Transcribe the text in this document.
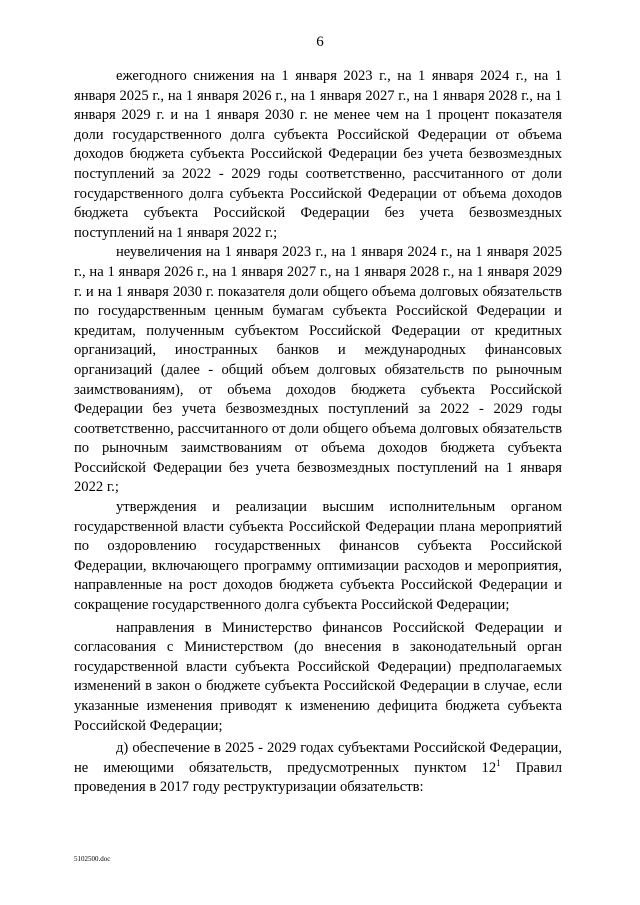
6

ежегодного снижения на 1 января 2023 г., на 1 января 2024 г., на 1 января 2025 г., на 1 января 2026 г., на 1 января 2027 г., на 1 января 2028 г., на 1 января 2029 г. и на 1 января 2030 г. не менее чем на 1 процент показателя доли государственного долга субъекта Российской Федерации от объема доходов бюджета субъекта Российской Федерации без учета безвозмездных поступлений за 2022 - 2029 годы соответственно, рассчитанного от доли государственного долга субъекта Российской Федерации от объема доходов бюджета субъекта Российской Федерации без учета безвозмездных поступлений на 1 января 2022 г.;

неувеличения на 1 января 2023 г., на 1 января 2024 г., на 1 января 2025 г., на 1 января 2026 г., на 1 января 2027 г., на 1 января 2028 г., на 1 января 2029 г. и на 1 января 2030 г. показателя доли общего объема долговых обязательств по государственным ценным бумагам субъекта Российской Федерации и кредитам, полученным субъектом Российской Федерации от кредитных организаций, иностранных банков и международных финансовых организаций (далее - общий объем долговых обязательств по рыночным заимствованиям), от объема доходов бюджета субъекта Российской Федерации без учета безвозмездных поступлений за 2022 - 2029 годы соответственно, рассчитанного от доли общего объема долговых обязательств по рыночным заимствованиям от объема доходов бюджета субъекта Российской Федерации без учета безвозмездных поступлений на 1 января 2022 г.;

утверждения и реализации высшим исполнительным органом государственной власти субъекта Российской Федерации плана мероприятий по оздоровлению государственных финансов субъекта Российской Федерации, включающего программу оптимизации расходов и мероприятия, направленные на рост доходов бюджета субъекта Российской Федерации и сокращение государственного долга субъекта Российской Федерации;

направления в Министерство финансов Российской Федерации и согласования с Министерством (до внесения в законодательный орган государственной власти субъекта Российской Федерации) предполагаемых изменений в закон о бюджете субъекта Российской Федерации в случае, если указанные изменения приводят к изменению дефицита бюджета субъекта Российской Федерации;

д) обеспечение в 2025 - 2029 годах субъектами Российской Федерации, не имеющими обязательств, предусмотренных пунктом $12^1$ Правил проведения в 2017 году реструктуризации обязательств:

5102500.doc
